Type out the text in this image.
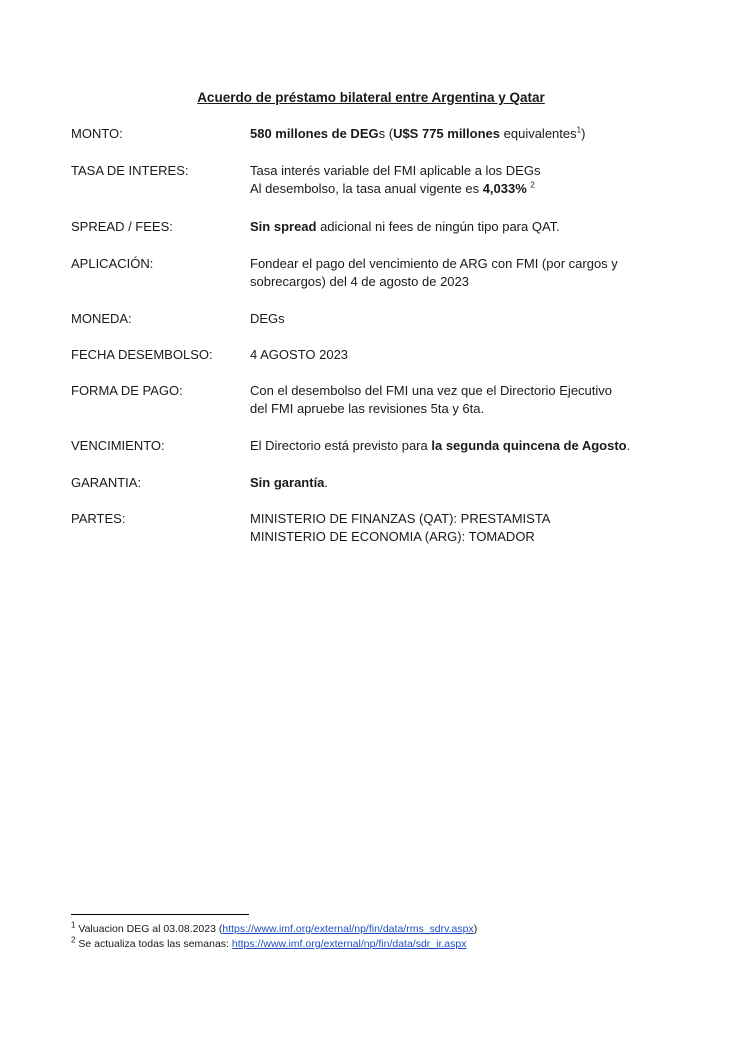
Acuerdo de préstamo bilateral entre Argentina y Qatar
MONTO:	580 millones de DEGs (U$S 775 millones equivalentes$^1$)
TASA DE INTERES:	Tasa interés variable del FMI aplicable a los DEGs
Al desembolso, la tasa anual vigente es 4,033% $^2$
SPREAD / FEES:	Sin spread adicional ni fees de ningún tipo para QAT.
APLICACIÓN:	Fondear el pago del vencimiento de ARG con FMI (por cargos y
sobrecargos) del 4 de agosto de 2023
MONEDA:	DEGs
FECHA DESEMBOLSO:	4 AGOSTO 2023
FORMA DE PAGO:	Con el desembolso del FMI una vez que el Directorio Ejecutivo
del FMI apruebe las revisiones 5ta y 6ta.
VENCIMIENTO:	El Directorio está previsto para la segunda quincena de Agosto.
GARANTIA:	Sin garantía.
PARTES:	MINISTERIO DE FINANZAS (QAT): PRESTAMISTA
MINISTERIO DE ECONOMIA (ARG): TOMADOR
$^1$ Valuacion DEG al 03.08.2023 (https://www.imf.org/external/np/fin/data/rms_sdrv.aspx)
$^2$ Se actualiza todas las semanas: https://www.imf.org/external/np/fin/data/sdr_ir.aspx
